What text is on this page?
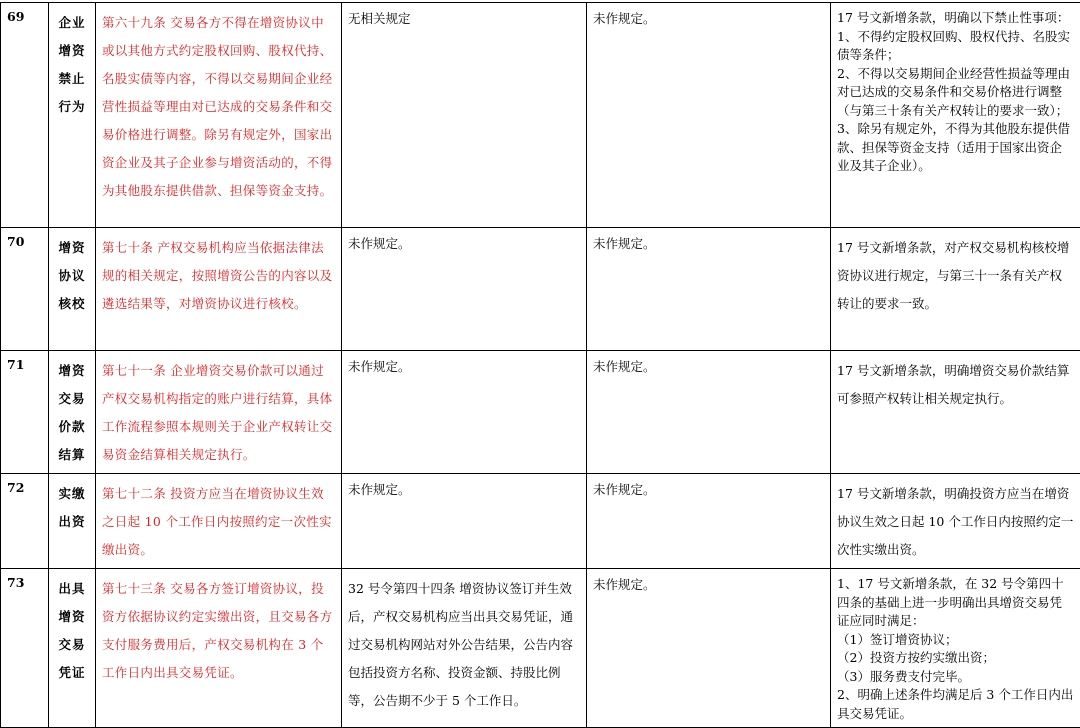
69	企业
增资
禁止
行为	第六十九条 交易各方不得在增资协议中或以其他方式约定股权回购、股权代持、名股实债等内容，不得以交易期间企业经营性损益等理由对已达成的交易条件和交易价格进行调整。除另有规定外，国家出资企业及其子企业参与增资活动的，不得为其他股东提供借款、担保等资金支持。	无相关规定	未作规定。	17 号文新增条款，明确以下禁止性事项：
1、不得约定股权回购、股权代持、名股实债等条件；
2、不得以交易期间企业经营性损益等理由对已达成的交易条件和交易价格进行调整（与第三十条有关产权转让的要求一致）；
3、除另有规定外，不得为其他股东提供借款、担保等资金支持（适用于国家出资企业及其子企业）。

70	增资
协议
核校	第七十条 产权交易机构应当依据法律法规的相关规定，按照增资公告的内容以及遴选结果等，对增资协议进行核校。	未作规定。	未作规定。	17 号文新增条款，对产权交易机构核校增资协议进行规定，与第三十一条有关产权转让的要求一致。

71	增资
交易
价款
结算	第七十一条 企业增资交易价款可以通过产权交易机构指定的账户进行结算，具体工作流程参照本规则关于企业产权转让交易资金结算相关规定执行。	未作规定。	未作规定。	17 号文新增条款，明确增资交易价款结算可参照产权转让相关规定执行。

72	实缴
出资	第七十二条 投资方应当在增资协议生效之日起 10 个工作日内按照约定一次性实缴出资。	未作规定。	未作规定。	17 号文新增条款，明确投资方应当在增资协议生效之日起 10 个工作日内按照约定一次性实缴出资。

73	出具
增资
交易
凭证	第七十三条 交易各方签订增资协议，投资方依据协议约定实缴出资，且交易各方支付服务费用后，产权交易机构在 3 个工作日内出具交易凭证。	32 号令第四十四条 增资协议签订并生效后，产权交易机构应当出具交易凭证，通过交易机构网站对外公告结果，公告内容包括投资方名称、投资金额、持股比例等，公告期不少于 5 个工作日。	未作规定。	1、17 号文新增条款，在 32 号令第四十四条的基础上进一步明确出具增资交易凭证应同时满足：
（1）签订增资协议；
（2）投资方按约实缴出资；
（3）服务费支付完毕。
2、明确上述条件均满足后 3 个工作日内出具交易凭证。
